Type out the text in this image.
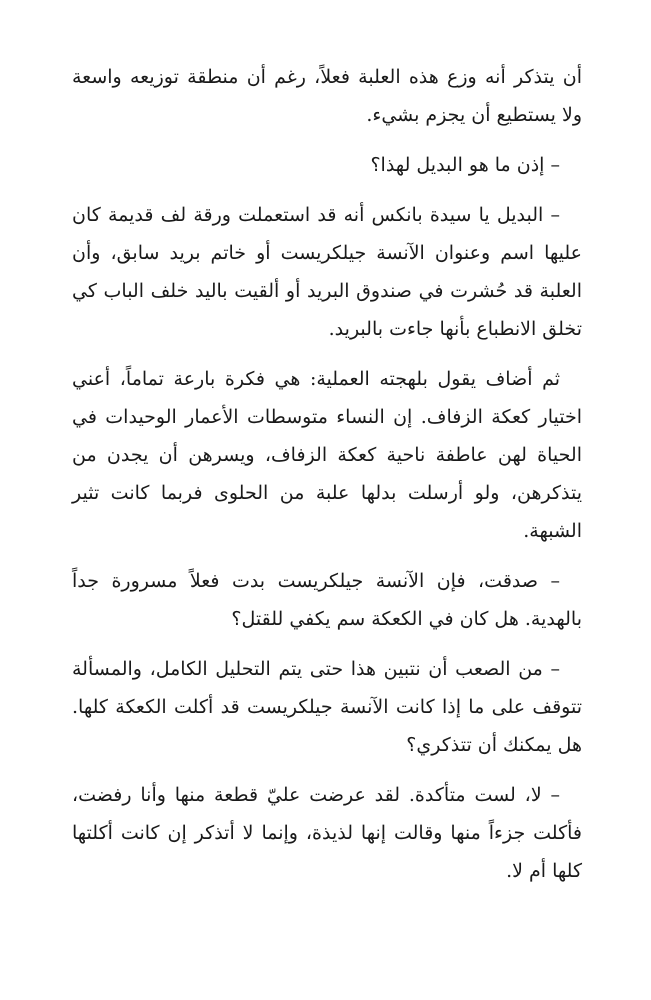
أن يتذكر أنه وزع هذه العلبة فعلاً، رغم أن منطقة توزيعه واسعة ولا يستطيع أن يجزم بشيء.

– إذن ما هو البديل لهذا؟

– البديل يا سيدة بانكس أنه قد استعملت ورقة لف قديمة كان عليها اسم وعنوان الآنسة جيلكريست أو خاتم بريد سابق، وأن العلبة قد حُشرت في صندوق البريد أو ألقيت باليد خلف الباب كي تخلق الانطباع بأنها جاءت بالبريد.

ثم أضاف يقول بلهجته العملية: هي فكرة بارعة تماماً، أعني اختيار كعكة الزفاف. إن النساء متوسطات الأعمار الوحيدات في الحياة لهن عاطفة ناحية كعكة الزفاف، ويسرهن أن يجدن من يتذكرهن، ولو أرسلت بدلها علبة من الحلوى فربما كانت تثير الشبهة.

– صدقت، فإن الآنسة جيلكريست بدت فعلاً مسرورة جداً بالهدية. هل كان في الكعكة سم يكفي للقتل؟

– من الصعب أن نتبين هذا حتى يتم التحليل الكامل، والمسألة تتوقف على ما إذا كانت الآنسة جيلكريست قد أكلت الكعكة كلها. هل يمكنك أن تتذكري؟

– لا، لست متأكدة. لقد عرضت عليّ قطعة منها وأنا رفضت، فأكلت جزءاً منها وقالت إنها لذيذة، وإنما لا أتذكر إن كانت أكلتها كلها أم لا.
